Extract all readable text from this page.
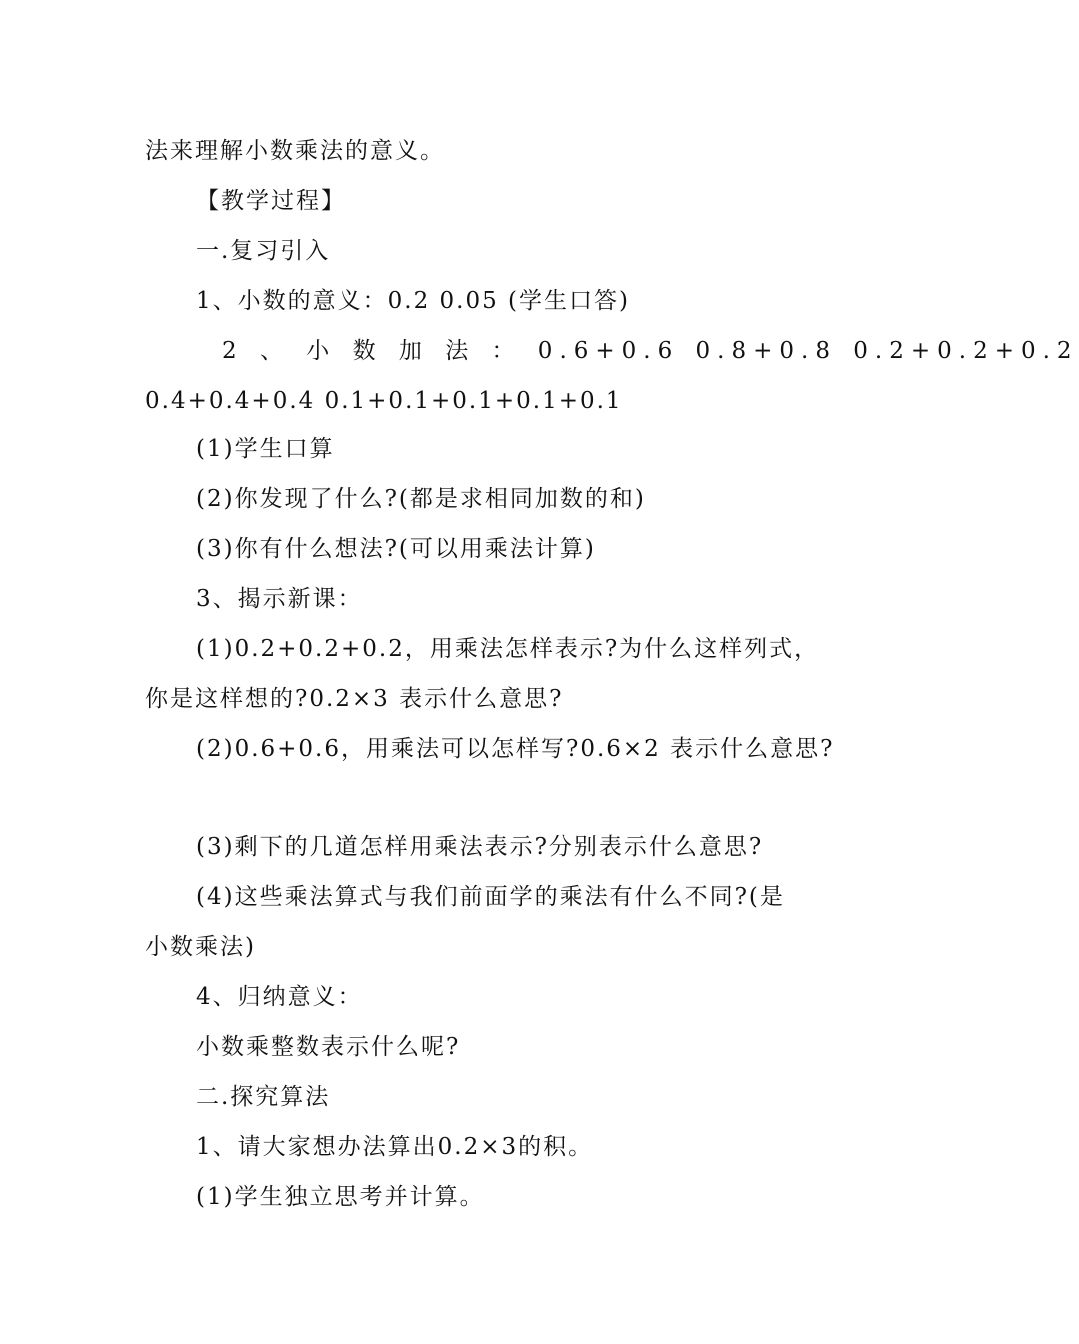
法来理解小数乘法的意义。
【教学过程】
一.复习引入
1、小数的意义：0.2 0.05 (学生口答)
2 、 小 数 加 法 ： 0.6+0.6 0.8+0.8 0.2+0.2+0.2
0.4+0.4+0.4 0.1+0.1+0.1+0.1+0.1
(1)学生口算
(2)你发现了什么?(都是求相同加数的和)
(3)你有什么想法?(可以用乘法计算)
3、揭示新课：
(1)0.2+0.2+0.2，用乘法怎样表示?为什么这样列式，
你是这样想的?0.2×3 表示什么意思?
(2)0.6+0.6，用乘法可以怎样写?0.6×2 表示什么意思?
(3)剩下的几道怎样用乘法表示?分别表示什么意思?
(4)这些乘法算式与我们前面学的乘法有什么不同?(是
小数乘法)
4、归纳意义：
小数乘整数表示什么呢?
二.探究算法
1、请大家想办法算出0.2×3的积。
(1)学生独立思考并计算。
